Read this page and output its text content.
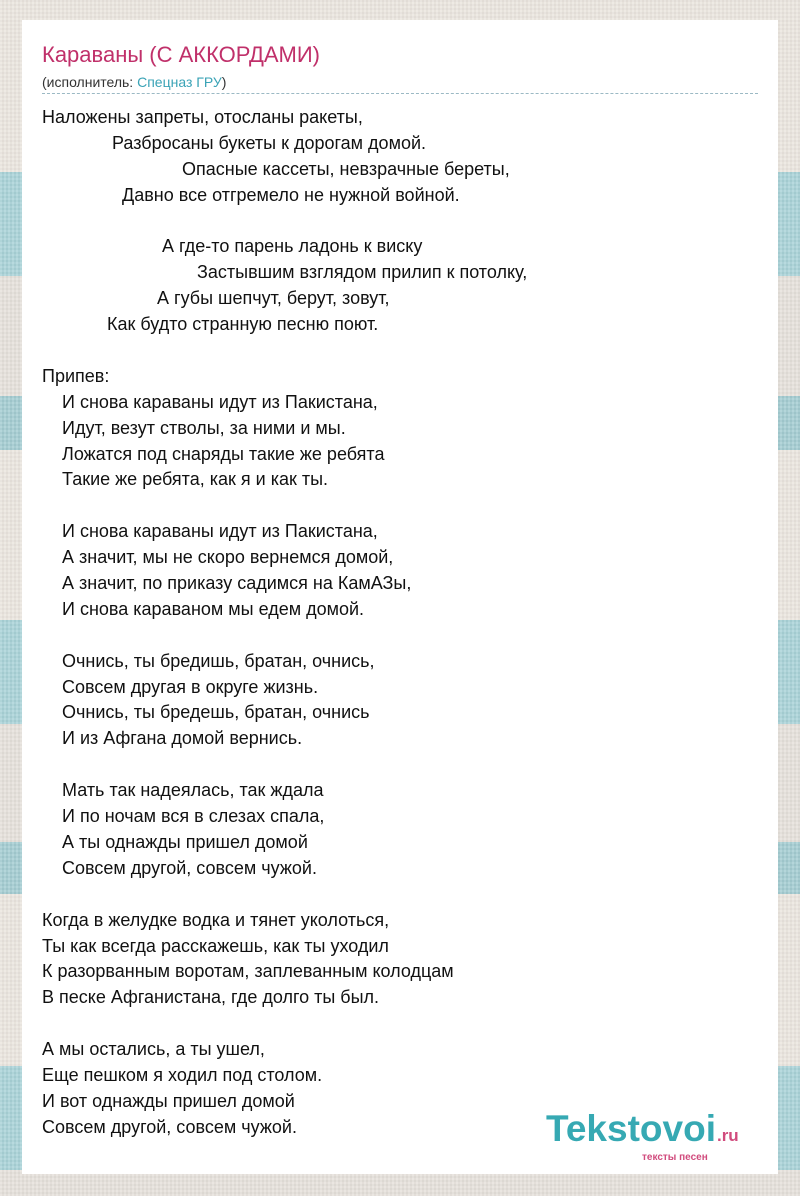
Караваны (С АККОРДАМИ)
(исполнитель: Спецназ ГРУ)
Наложены запреты, отосланы ракеты,
Разбросаны букеты к дорогам домой.
Опасные кассеты, невзрачные береты,
Давно все отгремело не нужной войной.
А где-то парень ладонь к виску
Застывшим взглядом прилип к потолку,
А губы шепчут, берут, зовут,
Как будто странную песню поют.
Припев:
И снова караваны идут из Пакистана,
Идут, везут стволы, за ними и мы.
Ложатся под снаряды такие же ребята
Такие же ребята, как я и как ты.
И снова караваны идут из Пакистана,
А значит, мы не скоро вернемся домой,
А значит, по приказу садимся на КамАЗы,
И снова караваном мы едем домой.
Очнись, ты бредишь, братан, очнись,
Совсем другая в округе жизнь.
Очнись, ты бредешь, братан, очнись
И из Афгана домой вернись.
Мать так надеялась, так ждала
И по ночам вся в слезах спала,
А ты однажды пришел домой
Совсем другой, совсем чужой.
Когда в желудке водка и тянет уколоться,
Ты как всегда расскажешь, как ты уходил
К разорванным воротам, заплеванным колодцам
В песке Афганистана, где долго ты был.
А мы остались, а ты ушел,
Еще пешком я ходил под столом.
И вот однажды пришел домой
Совсем другой, совсем чужой.	Tekstovoi.ru
тексты песен
